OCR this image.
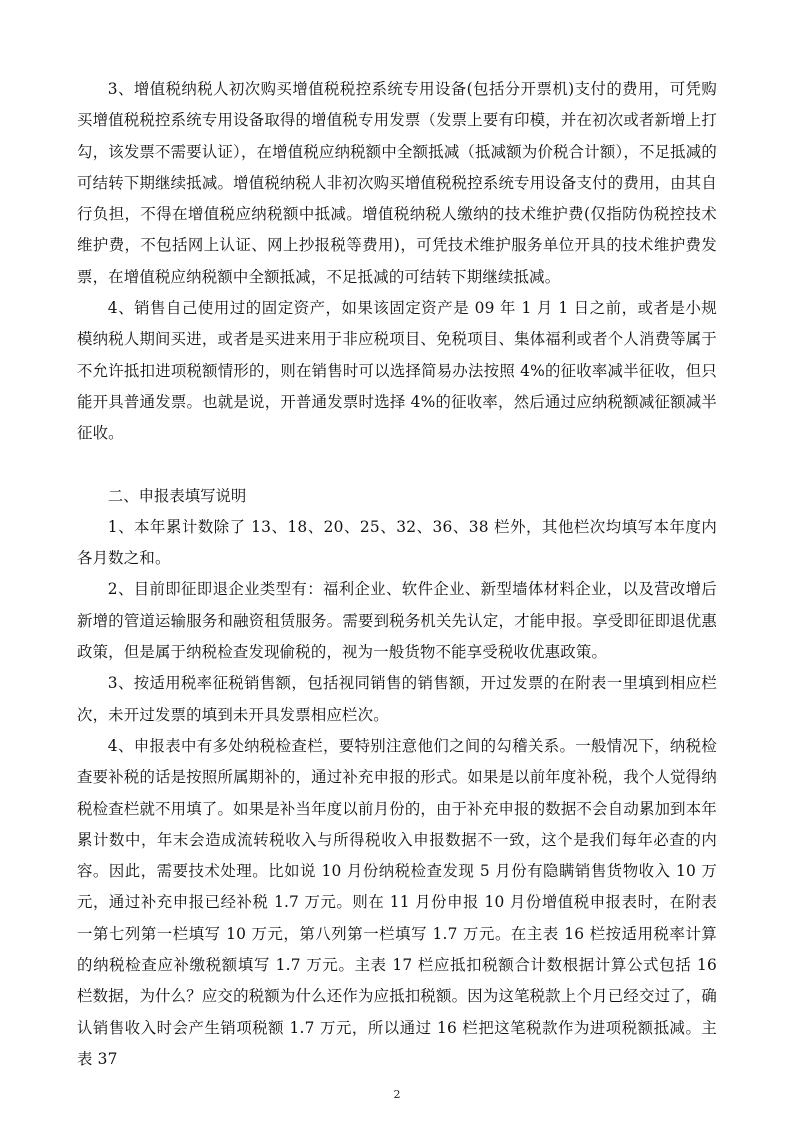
3、增值税纳税人初次购买增值税税控系统专用设备(包括分开票机)支付的费用，可凭购买增值税税控系统专用设备取得的增值税专用发票（发票上要有印模，并在初次或者新增上打勾，该发票不需要认证），在增值税应纳税额中全额抵减（抵减额为价税合计额），不足抵减的可结转下期继续抵减。增值税纳税人非初次购买增值税税控系统专用设备支付的费用，由其自行负担，不得在增值税应纳税额中抵减。增值税纳税人缴纳的技术维护费(仅指防伪税控技术维护费，不包括网上认证、网上抄报税等费用)，可凭技术维护服务单位开具的技术维护费发票，在增值税应纳税额中全额抵减，不足抵减的可结转下期继续抵减。

4、销售自己使用过的固定资产，如果该固定资产是 09 年 1 月 1 日之前，或者是小规模纳税人期间买进，或者是买进来用于非应税项目、免税项目、集体福利或者个人消费等属于不允许抵扣进项税额情形的，则在销售时可以选择简易办法按照 4%的征收率减半征收，但只能开具普通发票。也就是说，开普通发票时选择 4%的征收率，然后通过应纳税额减征额减半征收。

二、申报表填写说明

1、本年累计数除了 13、18、20、25、32、36、38 栏外，其他栏次均填写本年度内各月数之和。

2、目前即征即退企业类型有：福利企业、软件企业、新型墙体材料企业，以及营改增后新增的管道运输服务和融资租赁服务。需要到税务机关先认定，才能申报。享受即征即退优惠政策，但是属于纳税检查发现偷税的，视为一般货物不能享受税收优惠政策。

3、按适用税率征税销售额，包括视同销售的销售额，开过发票的在附表一里填到相应栏次，未开过发票的填到未开具发票相应栏次。

4、申报表中有多处纳税检查栏，要特别注意他们之间的勾稽关系。一般情况下，纳税检查要补税的话是按照所属期补的，通过补充申报的形式。如果是以前年度补税，我个人觉得纳税检查栏就不用填了。如果是补当年度以前月份的，由于补充申报的数据不会自动累加到本年累计数中，年末会造成流转税收入与所得税收入申报数据不一致，这个是我们每年必查的内容。因此，需要技术处理。比如说 10 月份纳税检查发现 5 月份有隐瞒销售货物收入 10 万元，通过补充申报已经补税 1.7 万元。则在 11 月份申报 10 月份增值税申报表时，在附表一第七列第一栏填写 10 万元，第八列第一栏填写 1.7 万元。在主表 16 栏按适用税率计算的纳税检查应补缴税额填写 1.7 万元。主表 17 栏应抵扣税额合计数根据计算公式包括 16 栏数据，为什么？应交的税额为什么还作为应抵扣税额。因为这笔税款上个月已经交过了，确认销售收入时会产生销项税额 1.7 万元，所以通过 16 栏把这笔税款作为进项税额抵减。主表 37

2
